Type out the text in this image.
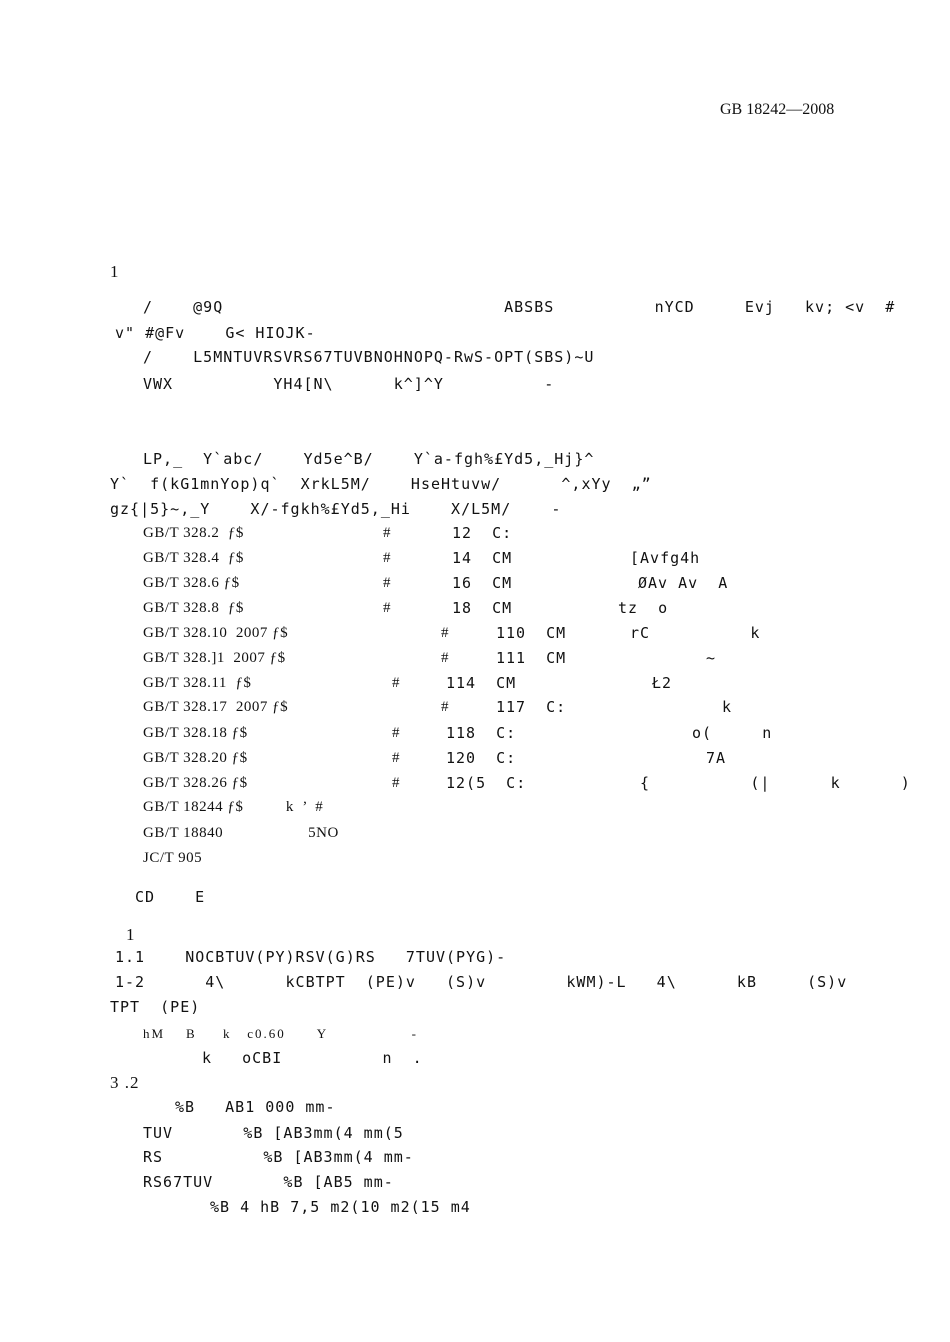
GB 18242—2008
1
/    @9Q                            ABSBS          nYCD     Evj   kv; <v  #
v" #@Fv    G< HIOJK-
/    L5MNTUVRSVRS67TUVBNOHNOPQ-RwS-OPT(SBS)~U
VWX          YH4[N\      k^]^Y          -
LP,_  Y`abc/    Yd5e^B/    Y`a-fgh%£Yd5,_Hj}^
Y`  f(kG1mnYop)q`  XrkL5M/    HseHtuvw/      ^,xYy  „”
gz{|5}~,_Y    X/-fgkh%£Yd5,_Hi    X/L5M/    -
GB/T 328.2  ƒ$	#	12  C:
GB/T 328.4  ƒ$	#	14  CM	[Avfg4h
GB/T 328.6 ƒ$	#	16  CM	ØAv Av  A
GB/T 328.8  ƒ$	#	18  CM	tz  o
GB/T 328.10  2007 ƒ$	#	110  CM	rC          k
GB/T 328.]1  2007 ƒ$	#	111  CM	~
GB/T 328.11  ƒ$	#	114  CM	Ł2
GB/T 328.17  2007 ƒ$	#	117  C:	k
GB/T 328.18 ƒ$	#	118  C:	o(     n
GB/T 328.20 ƒ$	#	120  C:	7A
GB/T 328.26 ƒ$	#	12(5  C:	{          (|      k      )
GB/T 18244 ƒ$          k  ’  #
GB/T 18840                    5NO
JC/T 905
CD    E
1
1.1    NOCBTUV(PY)RSV(G)RS   7TUV(PYG)-
1-2      4\      kCBTPT  (PE)v   (S)v        kWM)-L   4\      kB     (S)v
TPT  (PE)
hM    B     k   c0.60      Y                -
k   oCBI          n  .
3 .2
%B   AB1 000 mm-
TUV       %B [AB3mm(4 mm(5
RS          %B [AB3mm(4 mm-
RS67TUV       %B [AB5 mm-
%B 4 hB 7,5 m2(10 m2(15 m4
